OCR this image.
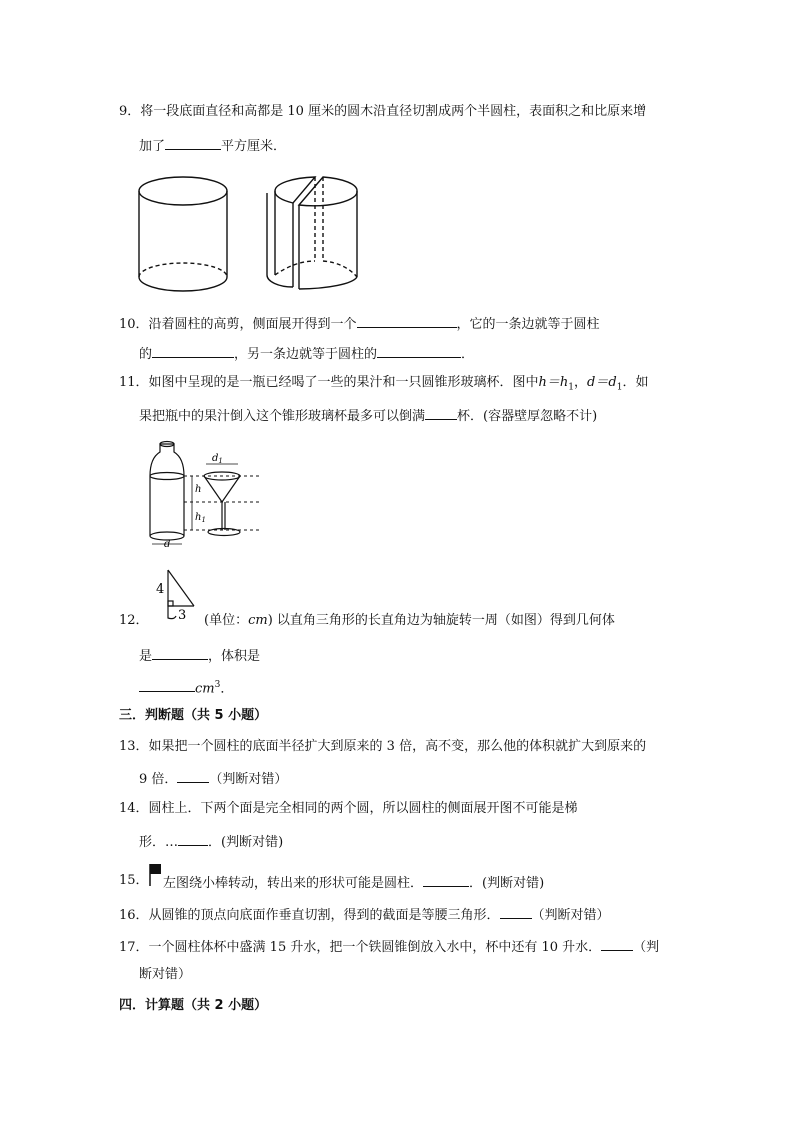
9．将一段底面直径和高都是 10 厘米的圆木沿直径切割成两个半圆柱，表面积之和比原来增
加了	平方厘米．
10．沿着圆柱的高剪，侧面展开得到一个	，它的一条边就等于圆柱
的	，另一条边就等于圆柱的	．
11．如图中呈现的是一瓶已经喝了一些的果汁和一只圆锥形玻璃杯．图中$h=h_1$，$d=d_1$．如
果把瓶中的果汁倒入这个锥形玻璃杯最多可以倒满 杯．(容器壁厚忽略不计)
$d_1$
h
$h_1$
d
4
3
12．	(单位：cm) 以直角三角形的长直角边为轴旋转一周（如图）得到几何体
是	，体积是
$cm^3$．
三．判断题（共 5 小题）
13．如果把一个圆柱的底面半径扩大到原来的 3 倍，高不变，那么他的体积就扩大到原来的
9 倍． （判断对错）
14．圆柱上．下两个面是完全相同的两个圆，所以圆柱的侧面展开图不可能是梯
形．… ．(判断对错)
15． 左图绕小棒转动，转出来的形状可能是圆柱．	．(判断对错)
16．从圆锥的顶点向底面作垂直切割，得到的截面是等腰三角形． （判断对错）
17．一个圆柱体杯中盛满 15 升水，把一个铁圆锥倒放入水中，杯中还有 10 升水． （判
断对错）
四．计算题（共 2 小题）
